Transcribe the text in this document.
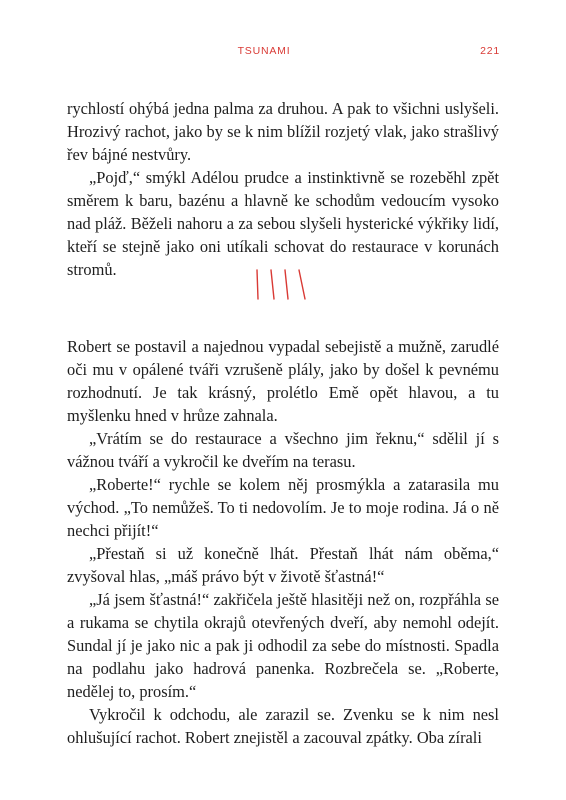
TSUNAMI	221

rychlostí ohýbá jedna palma za druhou. A pak to všichni uslyšeli. Hrozivý rachot, jako by se k nim blížil rozjetý vlak, jako strašlivý řev bájné nestvůry.

„Pojď,“ smýkl Adélou prudce a instinktivně se rozeběhl zpět směrem k baru, bazénu a hlavně ke schodům vedoucím vysoko nad pláž. Běželi nahoru a za sebou slyšeli hysterické výkřiky lidí, kteří se stejně jako oni utíkali schovat do restaurace v korunách stromů.

Robert se postavil a najednou vypadal sebejistě a mužně, zarudlé oči mu v opálené tváři vzrušeně plály, jako by došel k pevnému rozhodnutí. Je tak krásný, prolétlo Emě opět hlavou, a tu myšlenku hned v hrůze zahnala.

„Vrátím se do restaurace a všechno jim řeknu,“ sdělil jí s vážnou tváří a vykročil ke dveřím na terasu.

„Roberte!“ rychle se kolem něj prosmýkla a zatarasila mu východ. „To nemůžeš. To ti nedovolím. Je to moje rodina. Já o ně nechci přijít!“

„Přestaň si už konečně lhát. Přestaň lhát nám oběma,“ zvyšoval hlas, „máš právo být v životě šťastná!“

„Já jsem šťastná!“ zakřičela ještě hlasitěji než on, rozpřáhla se a rukama se chytila okrajů otevřených dveří, aby nemohl odejít. Sundal jí je jako nic a pak ji odhodil za sebe do místnosti. Spadla na podlahu jako hadrová panenka. Rozbrečela se. „Roberte, nedělej to, prosím.“

Vykročil k odchodu, ale zarazil se. Zvenku se k nim nesl ohlušující rachot. Robert znejistěl a zacouval zpátky. Oba zírali
